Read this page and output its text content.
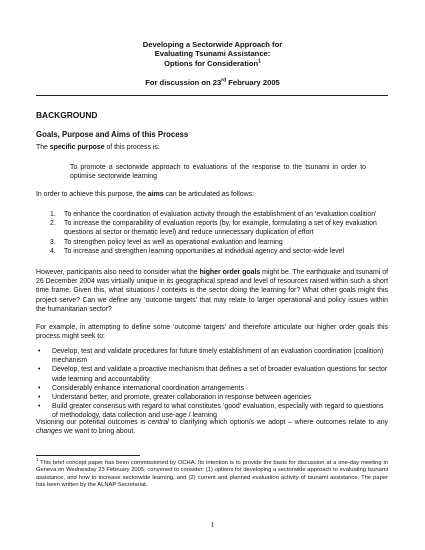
Developing a Sectorwide Approach for
Evaluating Tsunami Assistance:
Options for Consideration$^1$
For discussion on 23rd February 2005
BACKGROUND
Goals, Purpose and Aims of this Process
The specific purpose of this process is:
To promote a sectorwide approach to evaluations of the response to the tsunami in order to optimise sectorwide learning
In order to achieve this purpose, the aims can be articulated as follows:
1. To enhance the coordination of evaluation activity through the establishment of an ‘evaluation coalition’
2. To increase the comparability of evaluation reports (by, for example, formulating a set of key evaluation questions at sector or thematic level) and reduce unnecessary duplication of effort
3. To strengthen policy level as well as operational evaluation and learning
4. To increase and strengthen learning opportunities at individual agency and sector-wide level
However, participants also need to consider what the higher order goals might be. The earthquake and tsunami of 26 December 2004 was virtually unique in its geographical spread and level of resources raised within such a short time frame. Given this, what situations / contexts is the sector doing the learning for? What other goals might this project serve? Can we define any ‘outcome targets’ that may relate to larger operational and policy issues within the humanitarian sector?
For example, in attempting to define some ‘outcome targets’ and therefore articulate our higher order goals this process might seek to:
• Develop, test and validate procedures for future timely establishment of an evaluation coordination (coalition) mechanism
• Develop, test and validate a proactive mechanism that defines a set of broader evaluation questions for sector wide learning and accountability
• Considerably enhance international coordination arrangements
• Understand better, and promote, greater collaboration in response between agencies
• Build greater consensus with regard to what constitutes ‘good’ evaluation, especially with regard to questions of methodology, data collection and use-age / learning
Visioning our potential outcomes is central to clarifying which option/s we adopt – where outcomes relate to any changes we want to bring about.
$^1$ This brief concept paper has been commissioned by OCHA. Its intention is to provide the basis for discussion at a one-day meeting in Geneva on Wednesday 23 February 2005, convened to consider: (1) options for developing a sectorwide approach to evaluating tsunami assistance, and how to increase sectorwide learning, and (2) current and planned evaluation activity of tsunami assistance. The paper has been written by the ALNAP Secretariat.
1
